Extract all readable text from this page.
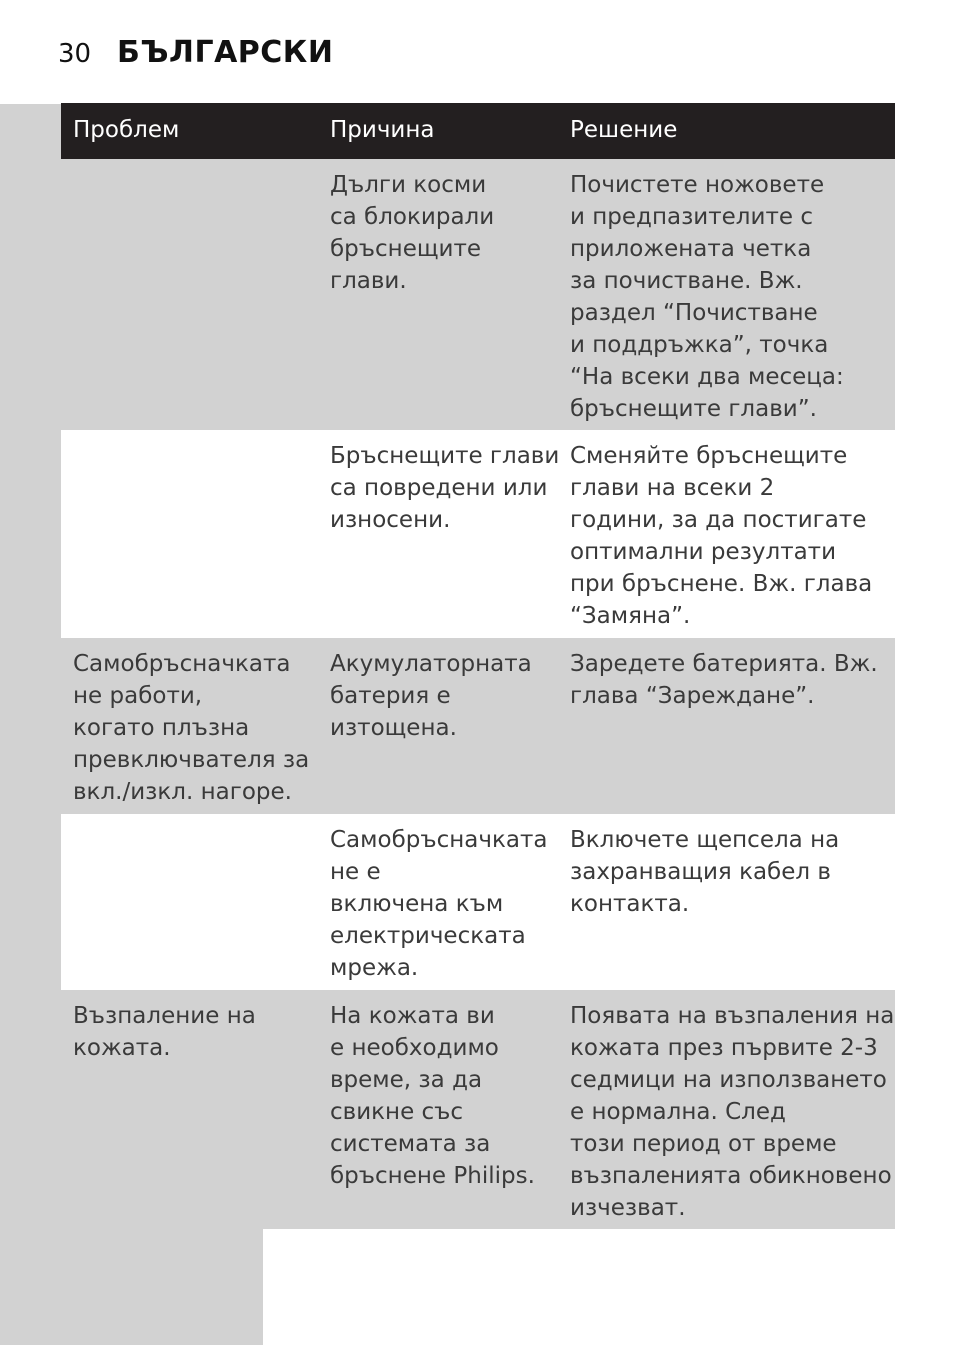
30 БЪЛГАРСКИ
Проблем	Причина	Решение
Дълги косми
са блокирали
бръснещите
глави.
Почистете ножовете
и предпазителите с
приложената четка
за почистване. Вж.
раздел “Почистване
и поддръжка”, точка
“На всеки два месеца:
бръснещите глави”.
Бръснещите глави
са повредени или
износени.
Сменяйте бръснещите
глави на всеки 2
години, за да постигате
оптимални резултати
при бръснене. Вж. глава
“Замяна”.
Самобръсначката
не работи,
когато плъзна
превключвателя за
вкл./изкл. нагоре.
Акумулаторната
батерия е
изтощена.
Заредете батерията. Вж.
глава “Зареждане”.
Самобръсначката
не е
включена към
електрическата
мрежа.
Включете щепсела на
захранващия кабел в
контакта.
Възпаление на
кожата.
На кожата ви
е необходимо
време, за да
свикне със
системата за
бръснене Philips.
Появата на възпаления на
кожата през първите 2-3
седмици на използването
е нормална. След
този период от време
възпаленията обикновено
изчезват.
